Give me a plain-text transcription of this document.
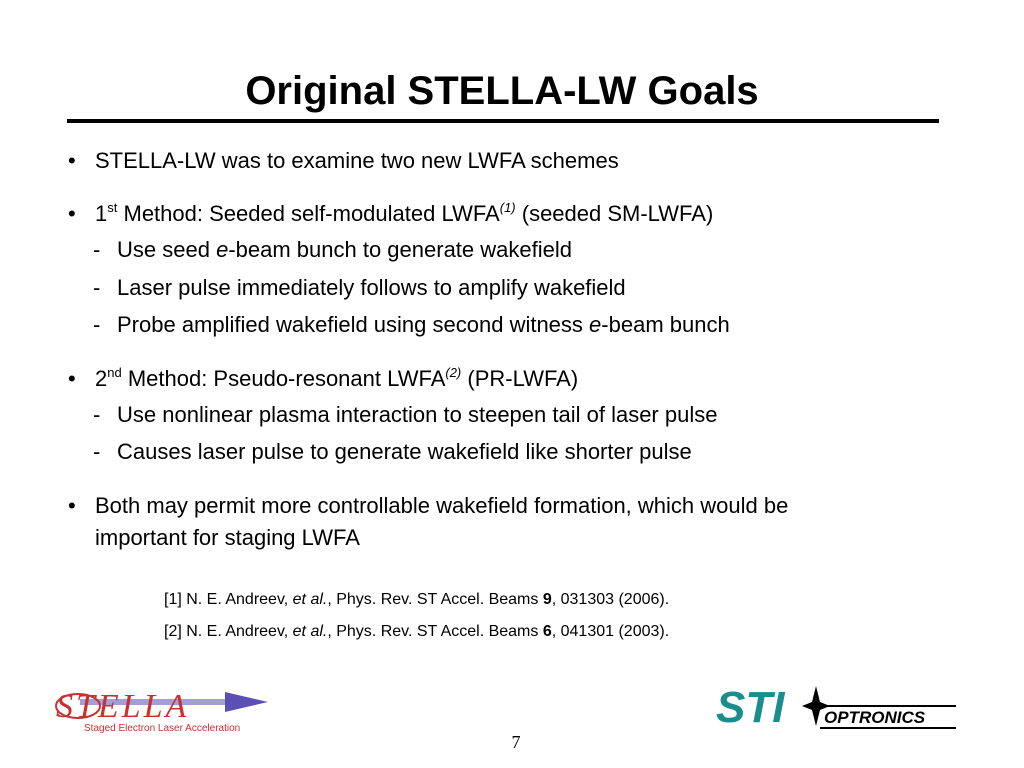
Original STELLA-LW Goals
• STELLA-LW was to examine two new LWFA schemes
• 1st Method: Seeded self-modulated LWFA$^{(1)}$ (seeded SM-LWFA)
- Use seed e-beam bunch to generate wakefield
- Laser pulse immediately follows to amplify wakefield
- Probe amplified wakefield using second witness e-beam bunch
• 2nd Method: Pseudo-resonant LWFA$^{(2)}$ (PR-LWFA)
- Use nonlinear plasma interaction to steepen tail of laser pulse
- Causes laser pulse to generate wakefield like shorter pulse
• Both may permit more controllable wakefield formation, which would be
important for staging LWFA
[1] N. E. Andreev, et al., Phys. Rev. ST Accel. Beams 9, 031303 (2006).
[2] N. E. Andreev, et al., Phys. Rev. ST Accel. Beams 6, 041301 (2003).
STELLA
Staged Electron Laser Acceleration	STI OPTRONICS
7
